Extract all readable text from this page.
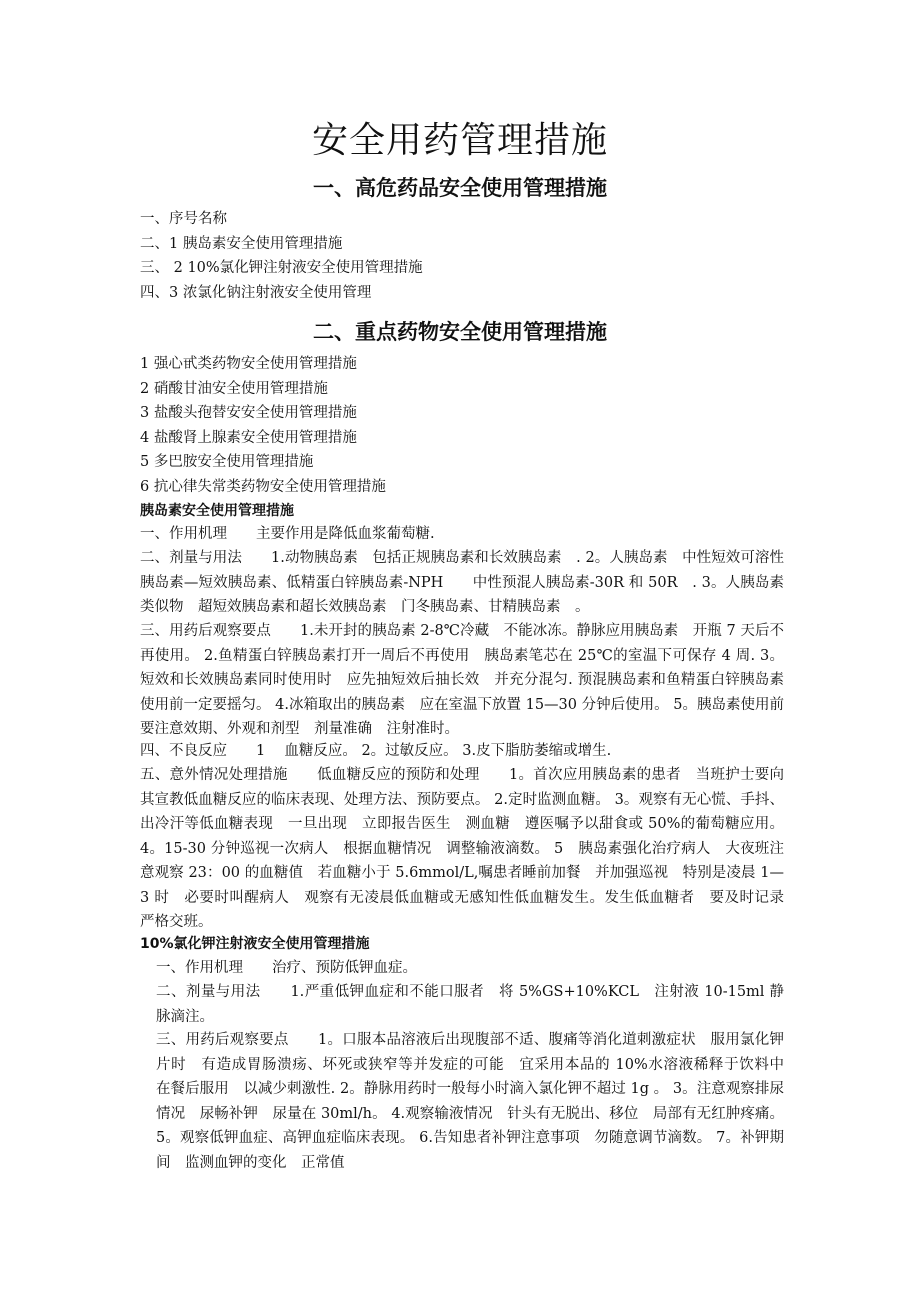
安全用药管理措施
一、高危药品安全使用管理措施
一、序号名称
二、1 胰岛素安全使用管理措施
三、 2 10%氯化钾注射液安全使用管理措施
四、3 浓氯化钠注射液安全使用管理
二、重点药物安全使用管理措施
1 强心甙类药物安全使用管理措施
2 硝酸甘油安全使用管理措施
3 盐酸头孢替安安全使用管理措施
4 盐酸肾上腺素安全使用管理措施
5 多巴胺安全使用管理措施
6 抗心律失常类药物安全使用管理措施
胰岛素安全使用管理措施

一、作用机理　　主要作用是降低血浆葡萄糖.

二、剂量与用法　　1.动物胰岛素　包括正规胰岛素和长效胰岛素　. 2。人胰岛素　中性短效可溶性胰岛素—短效胰岛素、低精蛋白锌胰岛素-NPH　　中性预混人胰岛素-30R 和 50R　. 3。人胰岛素类似物　超短效胰岛素和超长效胰岛素　门冬胰岛素、甘精胰岛素　。

三、用药后观察要点　　1.未开封的胰岛素 2-8℃冷藏　不能冰冻。静脉应用胰岛素　开瓶 7 天后不再使用。 2.鱼精蛋白锌胰岛素打开一周后不再使用　胰岛素笔芯在 25℃的室温下可保存 4 周. 3。短效和长效胰岛素同时使用时　应先抽短效后抽长效　并充分混匀. 预混胰岛素和鱼精蛋白锌胰岛素使用前一定要摇匀。 4.冰箱取出的胰岛素　应在室温下放置 15—30 分钟后使用。 5。胰岛素使用前要注意效期、外观和剂型　剂量准确　注射准时。

四、不良反应　　1　 血糖反应。 2。过敏反应。 3.皮下脂肪萎缩或增生.

五、意外情况处理措施　　低血糖反应的预防和处理　　1。首次应用胰岛素的患者　当班护士要向其宣教低血糖反应的临床表现、处理方法、预防要点。 2.定时监测血糖。 3。观察有无心慌、手抖、出冷汗等低血糖表现　一旦出现　立即报告医生　测血糖　遵医嘱予以甜食或 50%的葡萄糖应用。 4。15-30 分钟巡视一次病人　根据血糖情况　调整输液滴数。 5　胰岛素强化治疗病人　大夜班注意观察 23：00 的血糖值　若血糖小于 5.6mmol/L,嘱患者睡前加餐　并加强巡视　特别是凌晨 1—3 时　必要时叫醒病人　观察有无凌晨低血糖或无感知性低血糖发生。发生低血糖者　要及时记录　严格交班。

10%氯化钾注射液安全使用管理措施

一、作用机理　　治疗、预防低钾血症。

二、剂量与用法　　1.严重低钾血症和不能口服者　将 5%GS+10%KCL　注射液 10-15ml 静脉滴注。

三、用药后观察要点　　1。口服本品溶液后出现腹部不适、腹痛等消化道刺激症状　服用氯化钾片时　有造成胃肠溃疡、坏死或狭窄等并发症的可能　宜采用本品的 10%水溶液稀释于饮料中　在餐后服用　以减少刺激性. 2。静脉用药时一般每小时滴入氯化钾不超过 1g 。 3。注意观察排尿情况　尿畅补钾　尿量在 30ml/h。 4.观察输液情况　针头有无脱出、移位　局部有无红肿疼痛。 5。观察低钾血症、高钾血症临床表现。 6.告知患者补钾注意事项　勿随意调节滴数。 7。补钾期间　监测血钾的变化　正常值
